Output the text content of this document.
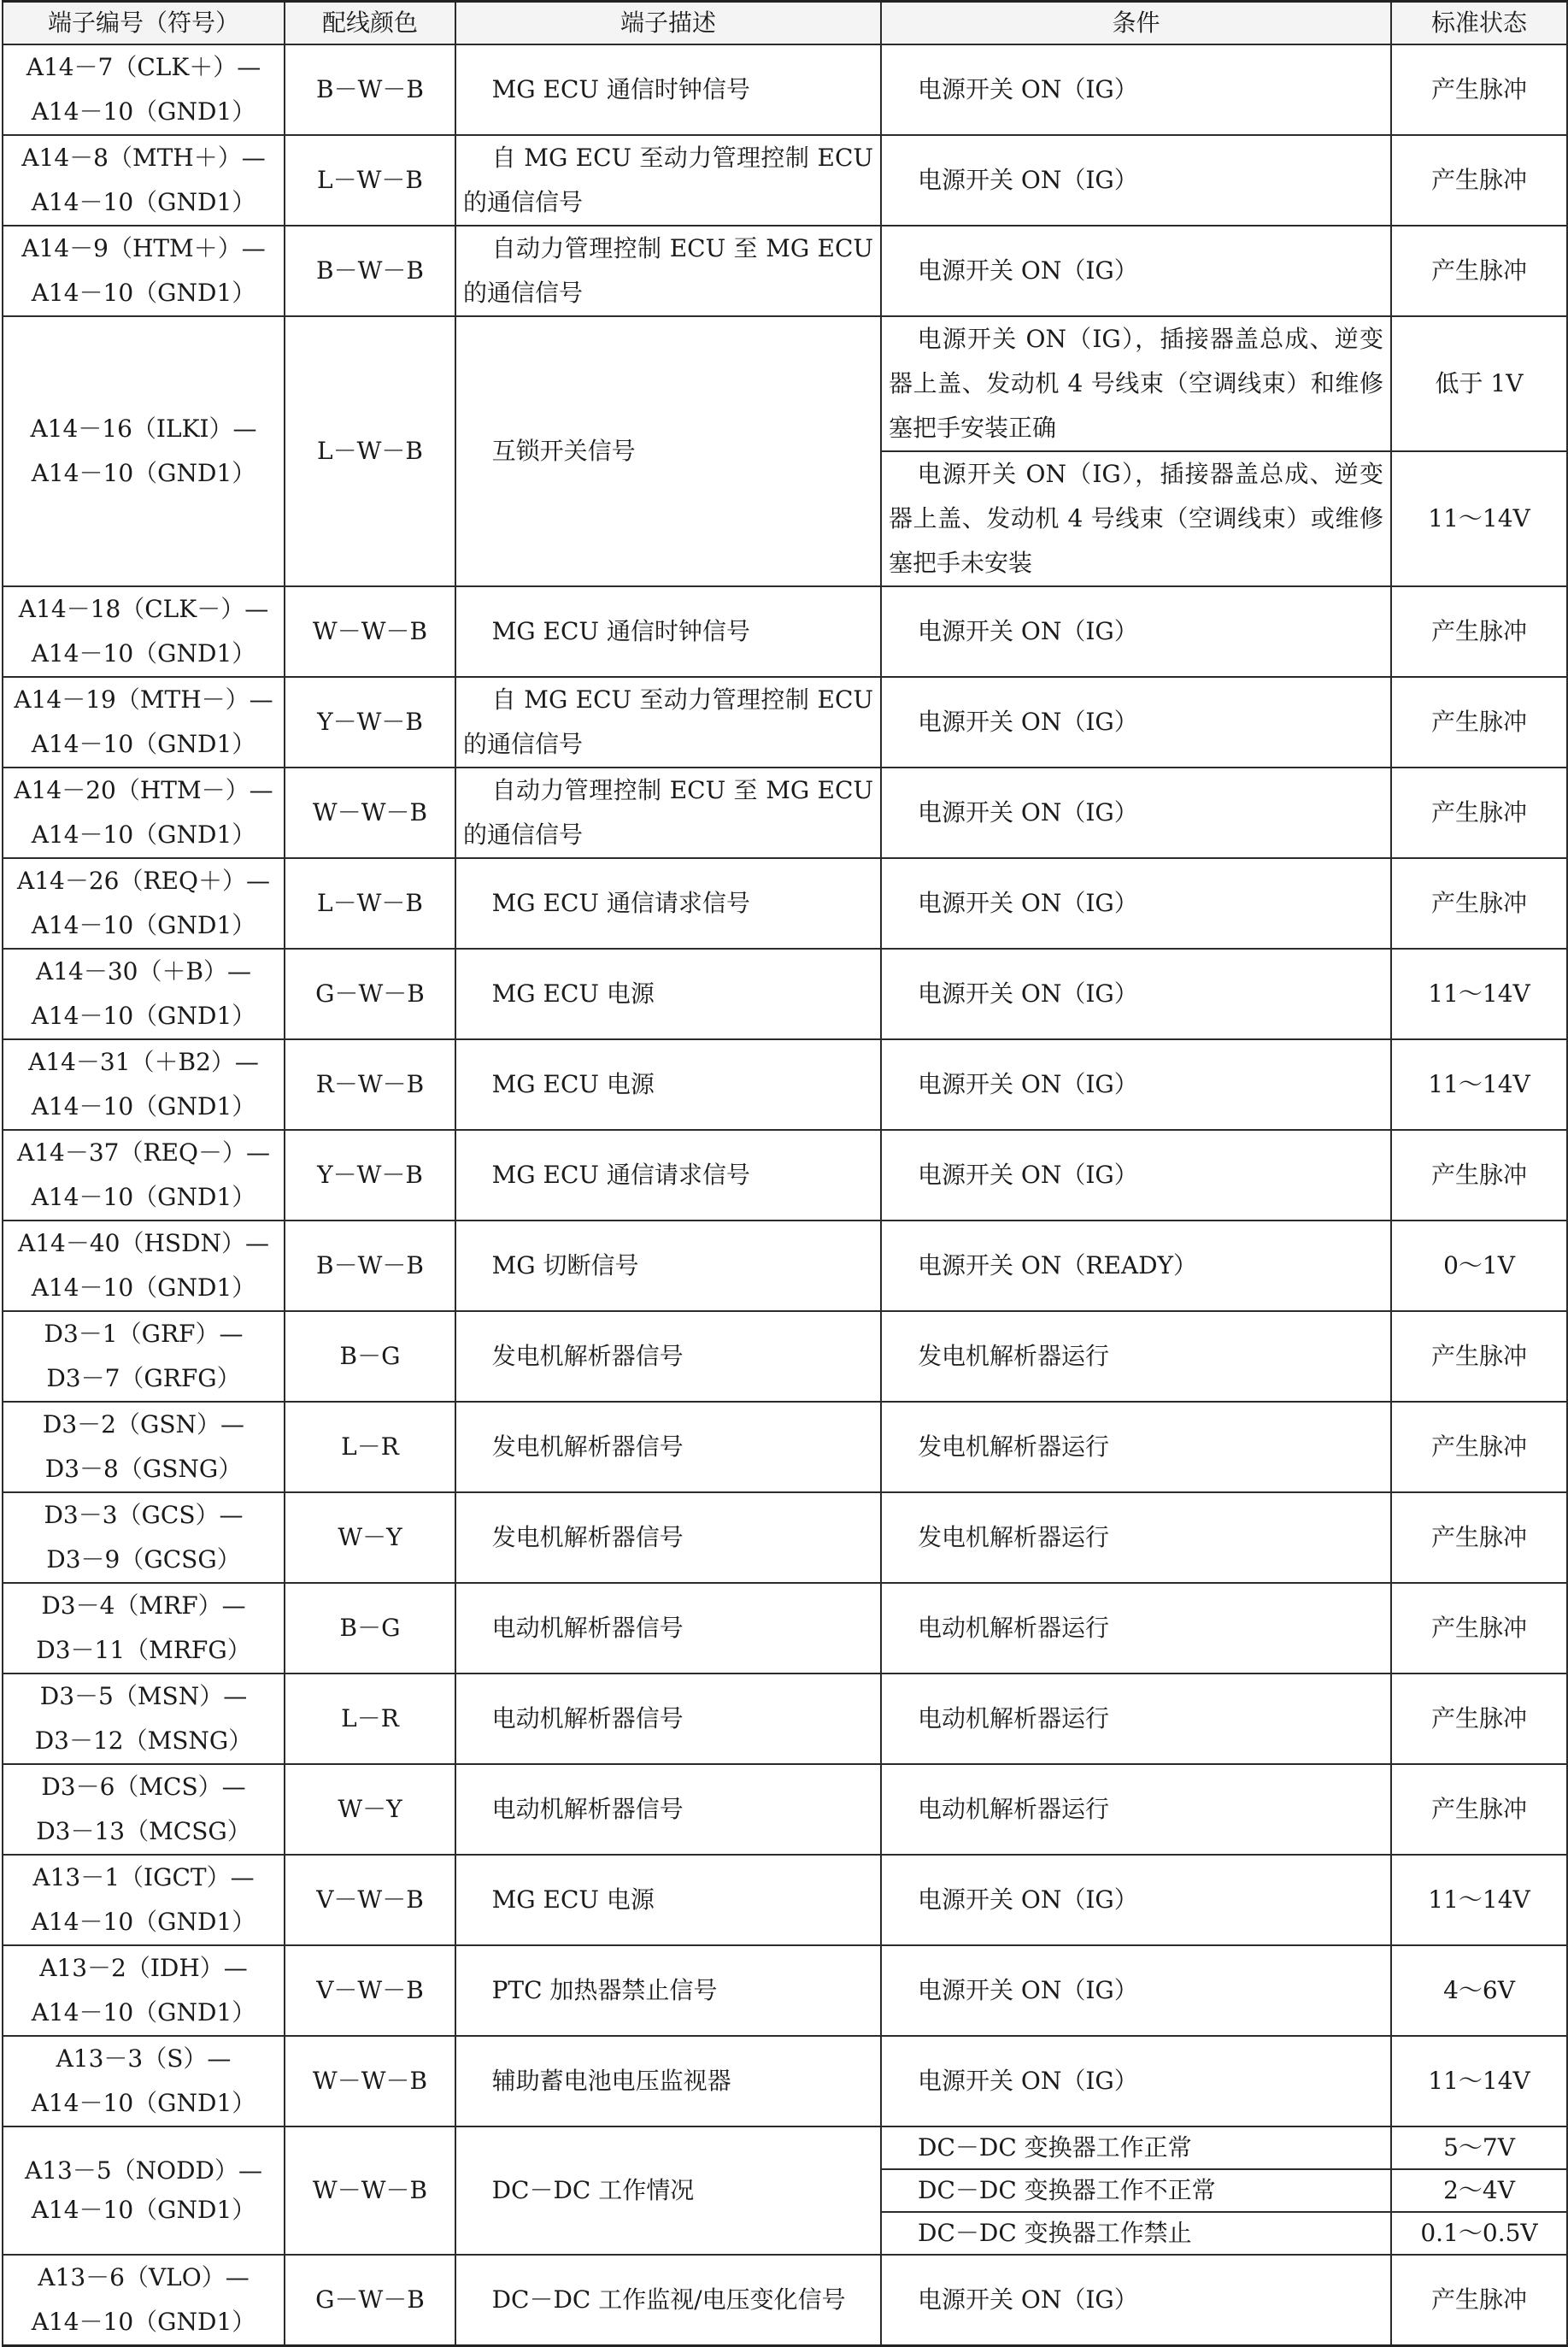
端子编号（符号）	配线颜色	端子描述	条件	标准状态

A14－7（CLK＋）—
A14－10（GND1）	B－W－B	MG ECU 通信时钟信号	电源开关 ON（IG）	产生脉冲

A14－8（MTH＋）—
A14－10（GND1）	L－W－B	自 MG ECU 至动力管理控制 ECU 的通信信号	电源开关 ON（IG）	产生脉冲

A14－9（HTM＋）—
A14－10（GND1）	B－W－B	自动力管理控制 ECU 至 MG ECU 的通信信号	电源开关 ON（IG）	产生脉冲

A14－16（ILKI）—
A14－10（GND1）	L－W－B	互锁开关信号	电源开关 ON（IG），插接器盖总成、逆变器上盖、发动机 4 号线束（空调线束）和维修塞把手安装正确	低于 1V
			电源开关 ON（IG），插接器盖总成、逆变器上盖、发动机 4 号线束（空调线束）或维修塞把手未安装	11～14V

A14－18（CLK－）—
A14－10（GND1）	W－W－B	MG ECU 通信时钟信号	电源开关 ON（IG）	产生脉冲

A14－19（MTH－）—
A14－10（GND1）	Y－W－B	自 MG ECU 至动力管理控制 ECU 的通信信号	电源开关 ON（IG）	产生脉冲

A14－20（HTM－）—
A14－10（GND1）	W－W－B	自动力管理控制 ECU 至 MG ECU 的通信信号	电源开关 ON（IG）	产生脉冲

A14－26（REQ＋）—
A14－10（GND1）	L－W－B	MG ECU 通信请求信号	电源开关 ON（IG）	产生脉冲

A14－30（＋B）—
A14－10（GND1）	G－W－B	MG ECU 电源	电源开关 ON（IG）	11～14V

A14－31（＋B2）—
A14－10（GND1）	R－W－B	MG ECU 电源	电源开关 ON（IG）	11～14V

A14－37（REQ－）—
A14－10（GND1）	Y－W－B	MG ECU 通信请求信号	电源开关 ON（IG）	产生脉冲

A14－40（HSDN）—
A14－10（GND1）	B－W－B	MG 切断信号	电源开关 ON（READY）	0～1V

D3－1（GRF）—
D3－7（GRFG）	B－G	发电机解析器信号	发电机解析器运行	产生脉冲

D3－2（GSN）—
D3－8（GSNG）	L－R	发电机解析器信号	发电机解析器运行	产生脉冲

D3－3（GCS）—
D3－9（GCSG）	W－Y	发电机解析器信号	发电机解析器运行	产生脉冲

D3－4（MRF）—
D3－11（MRFG）	B－G	电动机解析器信号	电动机解析器运行	产生脉冲

D3－5（MSN）—
D3－12（MSNG）	L－R	电动机解析器信号	电动机解析器运行	产生脉冲

D3－6（MCS）—
D3－13（MCSG）	W－Y	电动机解析器信号	电动机解析器运行	产生脉冲

A13－1（IGCT）—
A14－10（GND1）	V－W－B	MG ECU 电源	电源开关 ON（IG）	11～14V

A13－2（IDH）—
A14－10（GND1）	V－W－B	PTC 加热器禁止信号	电源开关 ON（IG）	4～6V

A13－3（S）—
A14－10（GND1）	W－W－B	辅助蓄电池电压监视器	电源开关 ON（IG）	11～14V

A13－5（NODD）—
A14－10（GND1）	W－W－B	DC－DC 工作情况	DC－DC 变换器工作正常	5～7V
			DC－DC 变换器工作不正常	2～4V
			DC－DC 变换器工作禁止	0.1～0.5V

A13－6（VLO）—
A14－10（GND1）	G－W－B	DC－DC 工作监视/电压变化信号	电源开关 ON（IG）	产生脉冲
